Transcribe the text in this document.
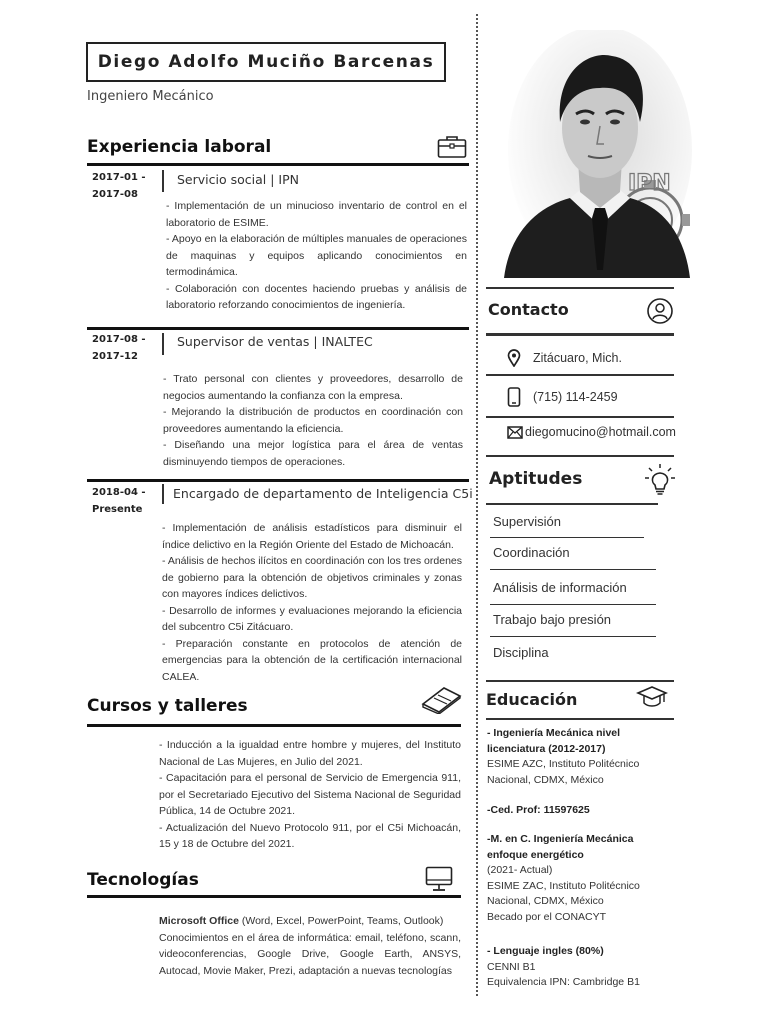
Diego Adolfo Muciño Barcenas
Ingeniero Mecánico
Experiencia laboral
2017-01 -
2017-08
Servicio social | IPN
- Implementación de un minucioso inventario de control en el laboratorio de ESIME.
- Apoyo en la elaboración de múltiples manuales de operaciones de maquinas y equipos aplicando conocimientos en termodinámica.
- Colaboración con docentes haciendo pruebas y análisis de laboratorio reforzando conocimientos de ingeniería.
2017-08 -
2017-12
Supervisor de ventas | INALTEC
- Trato personal con clientes y proveedores, desarrollo de negocios aumentando la confianza con la empresa.
- Mejorando la distribución de productos en coordinación con proveedores aumentando la eficiencia.
- Diseñando una mejor logística para el área de ventas disminuyendo tiempos de operaciones.
2018-04 -
Presente
Encargado de departamento de Inteligencia C5i
- Implementación de análisis estadísticos para disminuir el índice delictivo en la Región Oriente del Estado de Michoacán.
- Análisis de hechos ilícitos en coordinación con los tres ordenes de gobierno para la obtención de objetivos criminales y zonas con mayores índices delictivos.
- Desarrollo de informes y evaluaciones mejorando la eficiencia del subcentro C5i Zitácuaro.
- Preparación constante en protocolos de atención de emergencias para la obtención de la certificación internacional CALEA.
Cursos y talleres
- Inducción a la igualdad entre hombre y mujeres, del Instituto Nacional de Las Mujeres, en Julio del 2021.
- Capacitación para el personal de Servicio de Emergencia 911, por el Secretariado Ejecutivo del Sistema Nacional de Seguridad Pública, 14 de Octubre 2021.
- Actualización del Nuevo Protocolo 911, por el C5i Michoacán, 15 y 18 de Octubre del 2021.
Tecnologías
Microsoft Office (Word, Excel, PowerPoint, Teams, Outlook)
Conocimientos en el área de informática: email, teléfono, scann, videoconferencias, Google Drive, Google Earth, ANSYS, Autocad, Movie Maker, Prezi, adaptación a nuevas tecnologías
IPN
Contacto
Zitácuaro, Mich.
(715) 114-2459
diegomucino@hotmail.com
Aptitudes
Supervisión
Coordinación
Análisis de información
Trabajo bajo presión
Disciplina
Educación
- Ingeniería Mecánica nivel licenciatura (2012-2017)
ESIME AZC, Instituto Politécnico Nacional, CDMX, México
-Ced. Prof: 11597625
-M. en C. Ingeniería Mecánica enfoque energético
(2021- Actual)
ESIME ZAC, Instituto Politécnico Nacional, CDMX, México
Becado por el CONACYT
- Lenguaje ingles (80%)
CENNI B1
Equivalencia IPN: Cambridge B1
